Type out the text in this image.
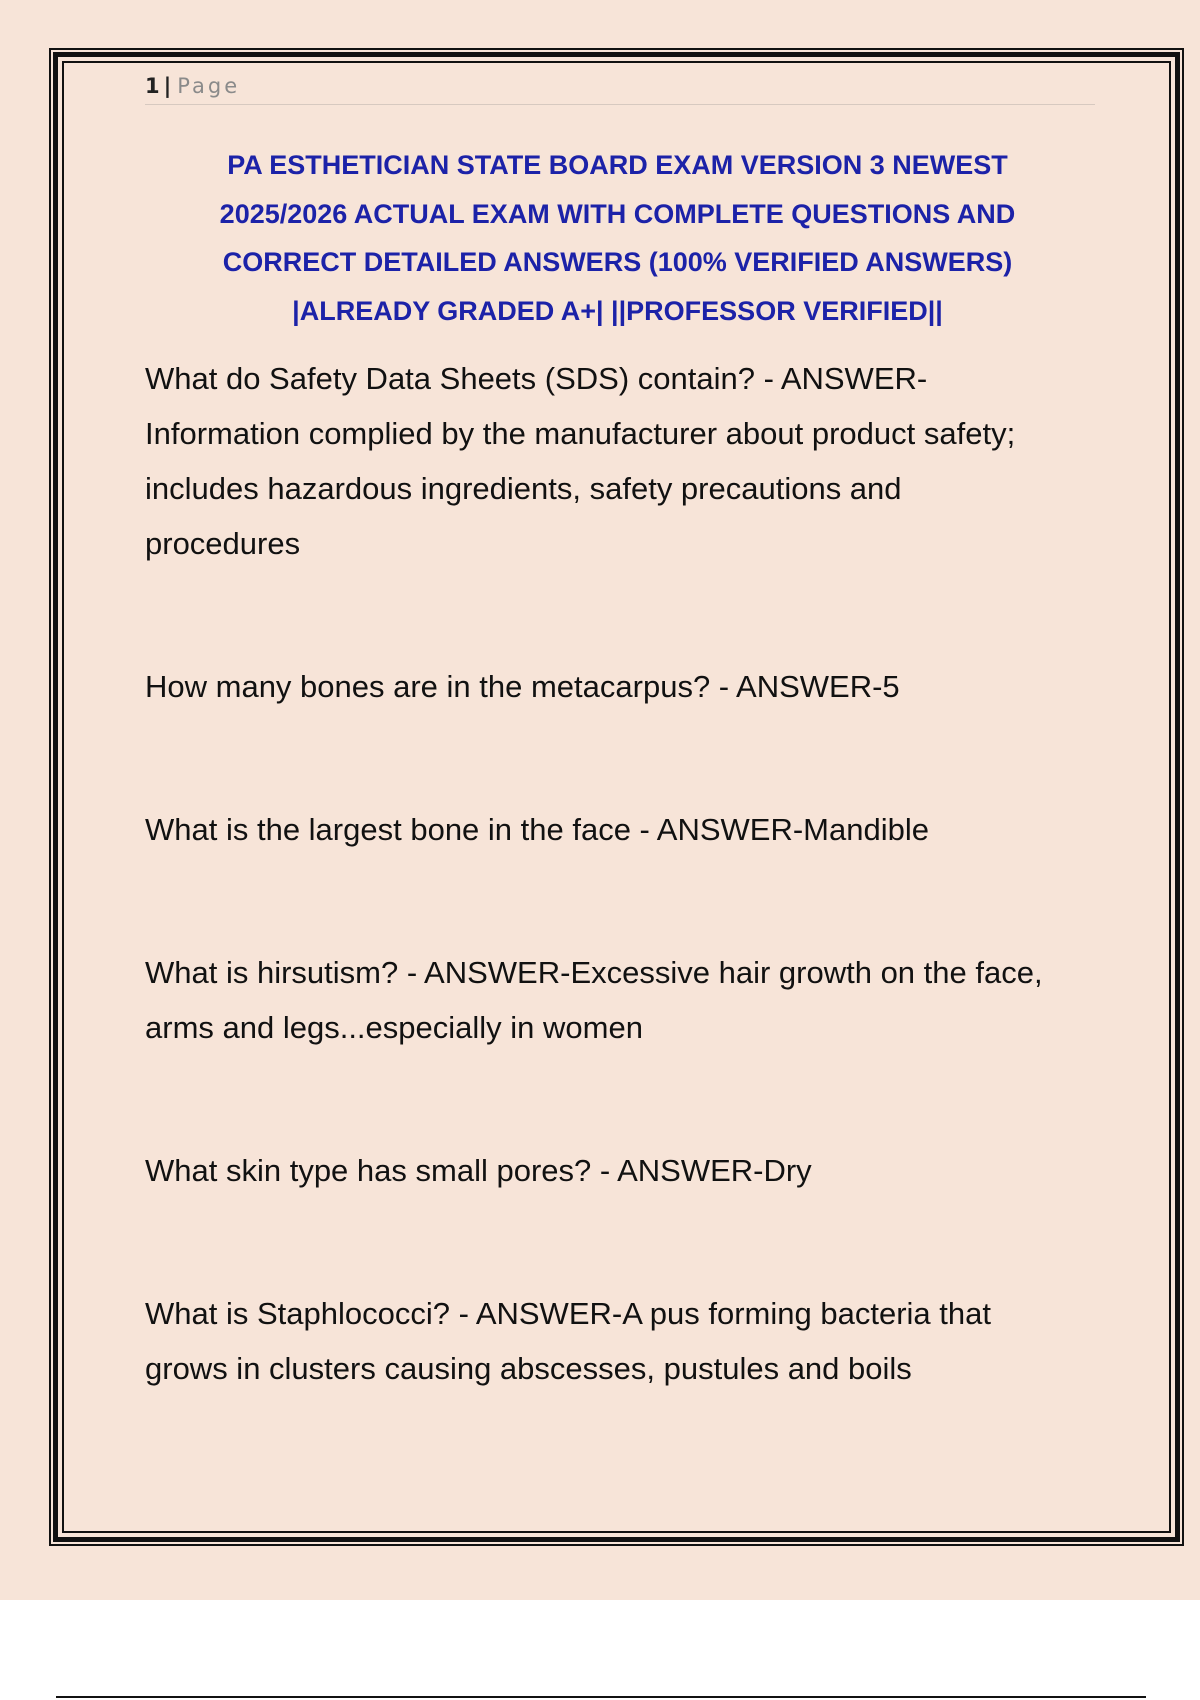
1 | Page
PA ESTHETICIAN STATE BOARD EXAM VERSION 3 NEWEST
2025/2026 ACTUAL EXAM WITH COMPLETE QUESTIONS AND
CORRECT DETAILED ANSWERS (100% VERIFIED ANSWERS)
|ALREADY GRADED A+| ||PROFESSOR VERIFIED||
What do Safety Data Sheets (SDS) contain? - ANSWER-
Information complied by the manufacturer about product safety;
includes hazardous ingredients, safety precautions and
procedures
How many bones are in the metacarpus? - ANSWER-5
What is the largest bone in the face - ANSWER-Mandible
What is hirsutism? - ANSWER-Excessive hair growth on the face,
arms and legs...especially in women
What skin type has small pores? - ANSWER-Dry
What is Staphlococci? - ANSWER-A pus forming bacteria that
grows in clusters causing abscesses, pustules and boils
